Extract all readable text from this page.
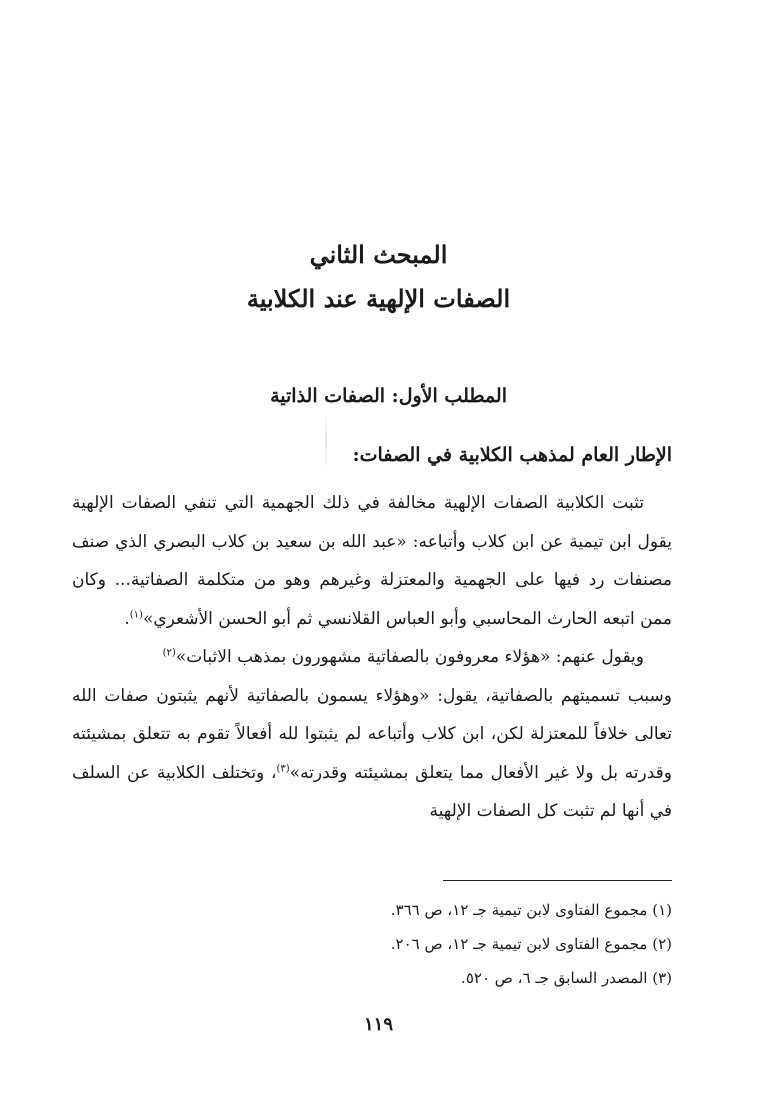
المبحث الثاني
الصفات الإلهية عند الكلابية
المطلب الأول: الصفات الذاتية
الإطار العام لمذهب الكلابية في الصفات:

تثبت الكلابية الصفات الإلهية مخالفة في ذلك الجهمية التي تنفي الصفات الإلهية يقول ابن تيمية عن ابن كلاب وأتباعه: «عبد الله بن سعيد بن كلاب البصري الذي صنف مصنفات رد فيها على الجهمية والمعتزلة وغيرهم وهو من متكلمة الصفاتية... وكان ممن اتبعه الحارث المحاسبي وأبو العباس القلانسي ثم أبو الحسن الأشعري»$^{(١)}$.

ويقول عنهم: «هؤلاء معروفون بالصفاتية مشهورون بمذهب الاثبات»$^{(٢)}$

وسبب تسميتهم بالصفاتية، يقول: «وهؤلاء يسمون بالصفاتية لأنهم يثبتون صفات الله تعالى خلافاً للمعتزلة لكن، ابن كلاب وأتباعه لم يثبتوا لله أفعالاً تقوم به تتعلق بمشيئته وقدرته بل ولا غير الأفعال مما يتعلق بمشيئته وقدرته»$^{(٣)}$، وتختلف الكلابية عن السلف في أنها لم تثبت كل الصفات الإلهية

(١) مجموع الفتاوى لابن تيمية جـ ١٢، ص ٣٦٦.
(٢) مجموع الفتاوى لابن تيمية جـ ١٢، ص ٢٠٦.
(٣) المصدر السابق جـ ٦، ص ٥٢٠.
١١٩
